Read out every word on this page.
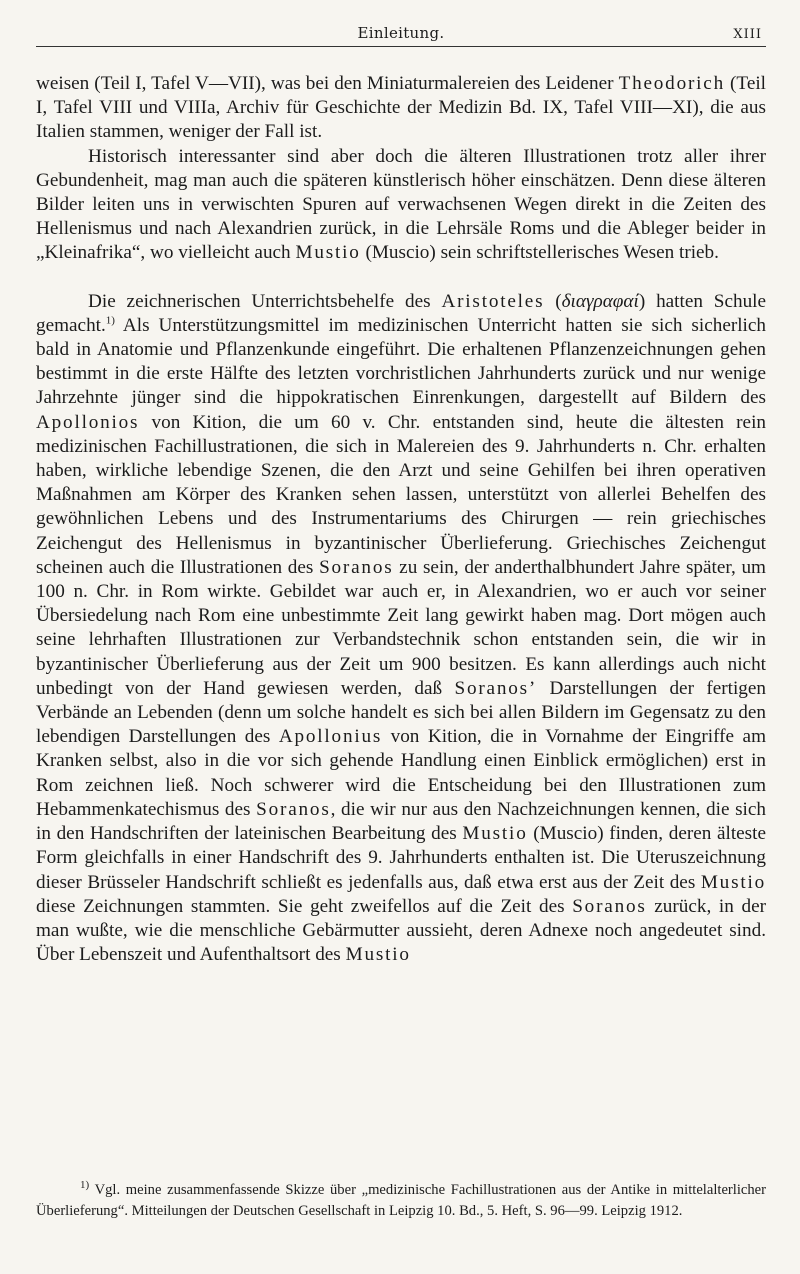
Einleitung.	XIII

weisen (Teil I, Tafel V—VII), was bei den Miniaturmalereien des Leidener Theodorich (Teil I, Tafel VIII und VIIIa, Archiv für Geschichte der Medizin Bd. IX, Tafel VIII—XI), die aus Italien stammen, weniger der Fall ist.

Historisch interessanter sind aber doch die älteren Illustrationen trotz aller ihrer Gebundenheit, mag man auch die späteren künstlerisch höher einschätzen. Denn diese älteren Bilder leiten uns in verwischten Spuren auf verwachsenen Wegen direkt in die Zeiten des Hellenismus und nach Alexandrien zurück, in die Lehrsäle Roms und die Ableger beider in „Kleinafrika“, wo vielleicht auch Mustio (Muscio) sein schriftstellerisches Wesen trieb.

Die zeichnerischen Unterrichtsbehelfe des Aristoteles (διαγραφαί) hatten Schule gemacht.$^{1)}$ Als Unterstützungsmittel im medizinischen Unterricht hatten sie sich sicherlich bald in Anatomie und Pflanzenkunde eingeführt. Die erhaltenen Pflanzenzeichnungen gehen bestimmt in die erste Hälfte des letzten vorchristlichen Jahrhunderts zurück und nur wenige Jahrzehnte jünger sind die hippokratischen Einrenkungen, dargestellt auf Bildern des Apollonios von Kition, die um 60 v. Chr. entstanden sind, heute die ältesten rein medizinischen Fachillustrationen, die sich in Malereien des 9. Jahrhunderts n. Chr. erhalten haben, wirkliche lebendige Szenen, die den Arzt und seine Gehilfen bei ihren operativen Maßnahmen am Körper des Kranken sehen lassen, unterstützt von allerlei Behelfen des gewöhnlichen Lebens und des Instrumentariums des Chirurgen — rein griechisches Zeichengut des Hellenismus in byzantinischer Überlieferung. Griechisches Zeichengut scheinen auch die Illustrationen des Soranos zu sein, der anderthalbhundert Jahre später, um 100 n. Chr. in Rom wirkte. Gebildet war auch er, in Alexandrien, wo er auch vor seiner Übersiedelung nach Rom eine unbestimmte Zeit lang gewirkt haben mag. Dort mögen auch seine lehrhaften Illustrationen zur Verbandstechnik schon entstanden sein, die wir in byzantinischer Überlieferung aus der Zeit um 900 besitzen. Es kann allerdings auch nicht unbedingt von der Hand gewiesen werden, daß Soranos’ Darstellungen der fertigen Verbände an Lebenden (denn um solche handelt es sich bei allen Bildern im Gegensatz zu den lebendigen Darstellungen des Apollonius von Kition, die in Vornahme der Eingriffe am Kranken selbst, also in die vor sich gehende Handlung einen Einblick ermöglichen) erst in Rom zeichnen ließ. Noch schwerer wird die Entscheidung bei den Illustrationen zum Hebammenkatechismus des Soranos, die wir nur aus den Nachzeichnungen kennen, die sich in den Handschriften der lateinischen Bearbeitung des Mustio (Muscio) finden, deren älteste Form gleichfalls in einer Handschrift des 9. Jahrhunderts enthalten ist. Die Uteruszeichnung dieser Brüsseler Handschrift schließt es jedenfalls aus, daß etwa erst aus der Zeit des Mustio diese Zeichnungen stammten. Sie geht zweifellos auf die Zeit des Soranos zurück, in der man wußte, wie die menschliche Gebärmutter aussieht, deren Adnexe noch angedeutet sind. Über Lebenszeit und Aufenthaltsort des Mustio

$^{1)}$ Vgl. meine zusammenfassende Skizze über „medizinische Fachillustrationen aus der Antike in mittelalterlicher Überlieferung“. Mitteilungen der Deutschen Gesellschaft in Leipzig 10. Bd., 5. Heft, S. 96—99. Leipzig 1912.
